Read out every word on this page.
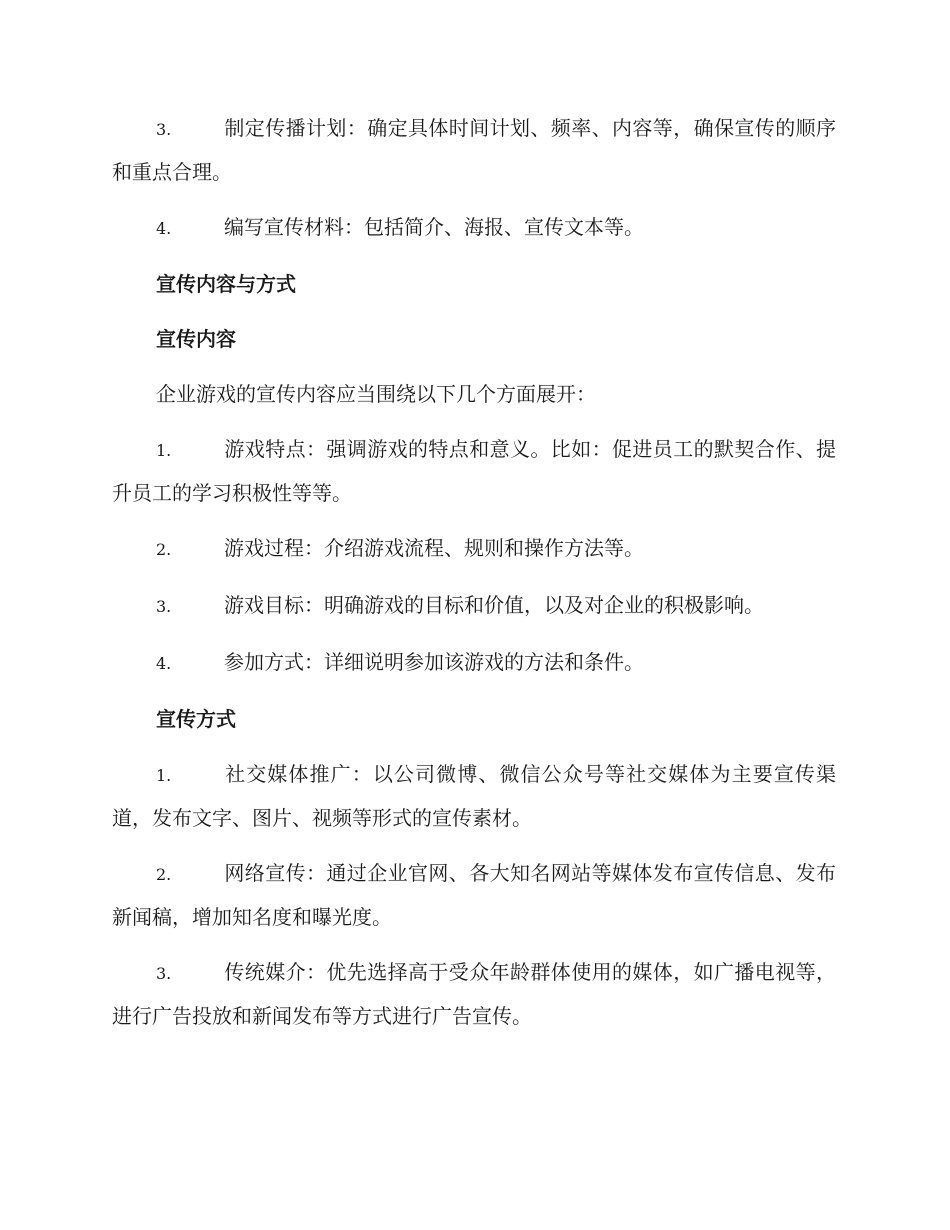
3.	制定传播计划：确定具体时间计划、频率、内容等，确保宣传的顺序和重点合理。
4.	编写宣传材料：包括简介、海报、宣传文本等。
宣传内容与方式
宣传内容
企业游戏的宣传内容应当围绕以下几个方面展开：
1.	游戏特点：强调游戏的特点和意义。比如：促进员工的默契合作、提升员工的学习积极性等等。
2.	游戏过程：介绍游戏流程、规则和操作方法等。
3.	游戏目标：明确游戏的目标和价值，以及对企业的积极影响。
4.	参加方式：详细说明参加该游戏的方法和条件。
宣传方式
1.	社交媒体推广：以公司微博、微信公众号等社交媒体为主要宣传渠道，发布文字、图片、视频等形式的宣传素材。
2.	网络宣传：通过企业官网、各大知名网站等媒体发布宣传信息、发布新闻稿，增加知名度和曝光度。
3.	传统媒介：优先选择高于受众年龄群体使用的媒体，如广播电视等，进行广告投放和新闻发布等方式进行广告宣传。
